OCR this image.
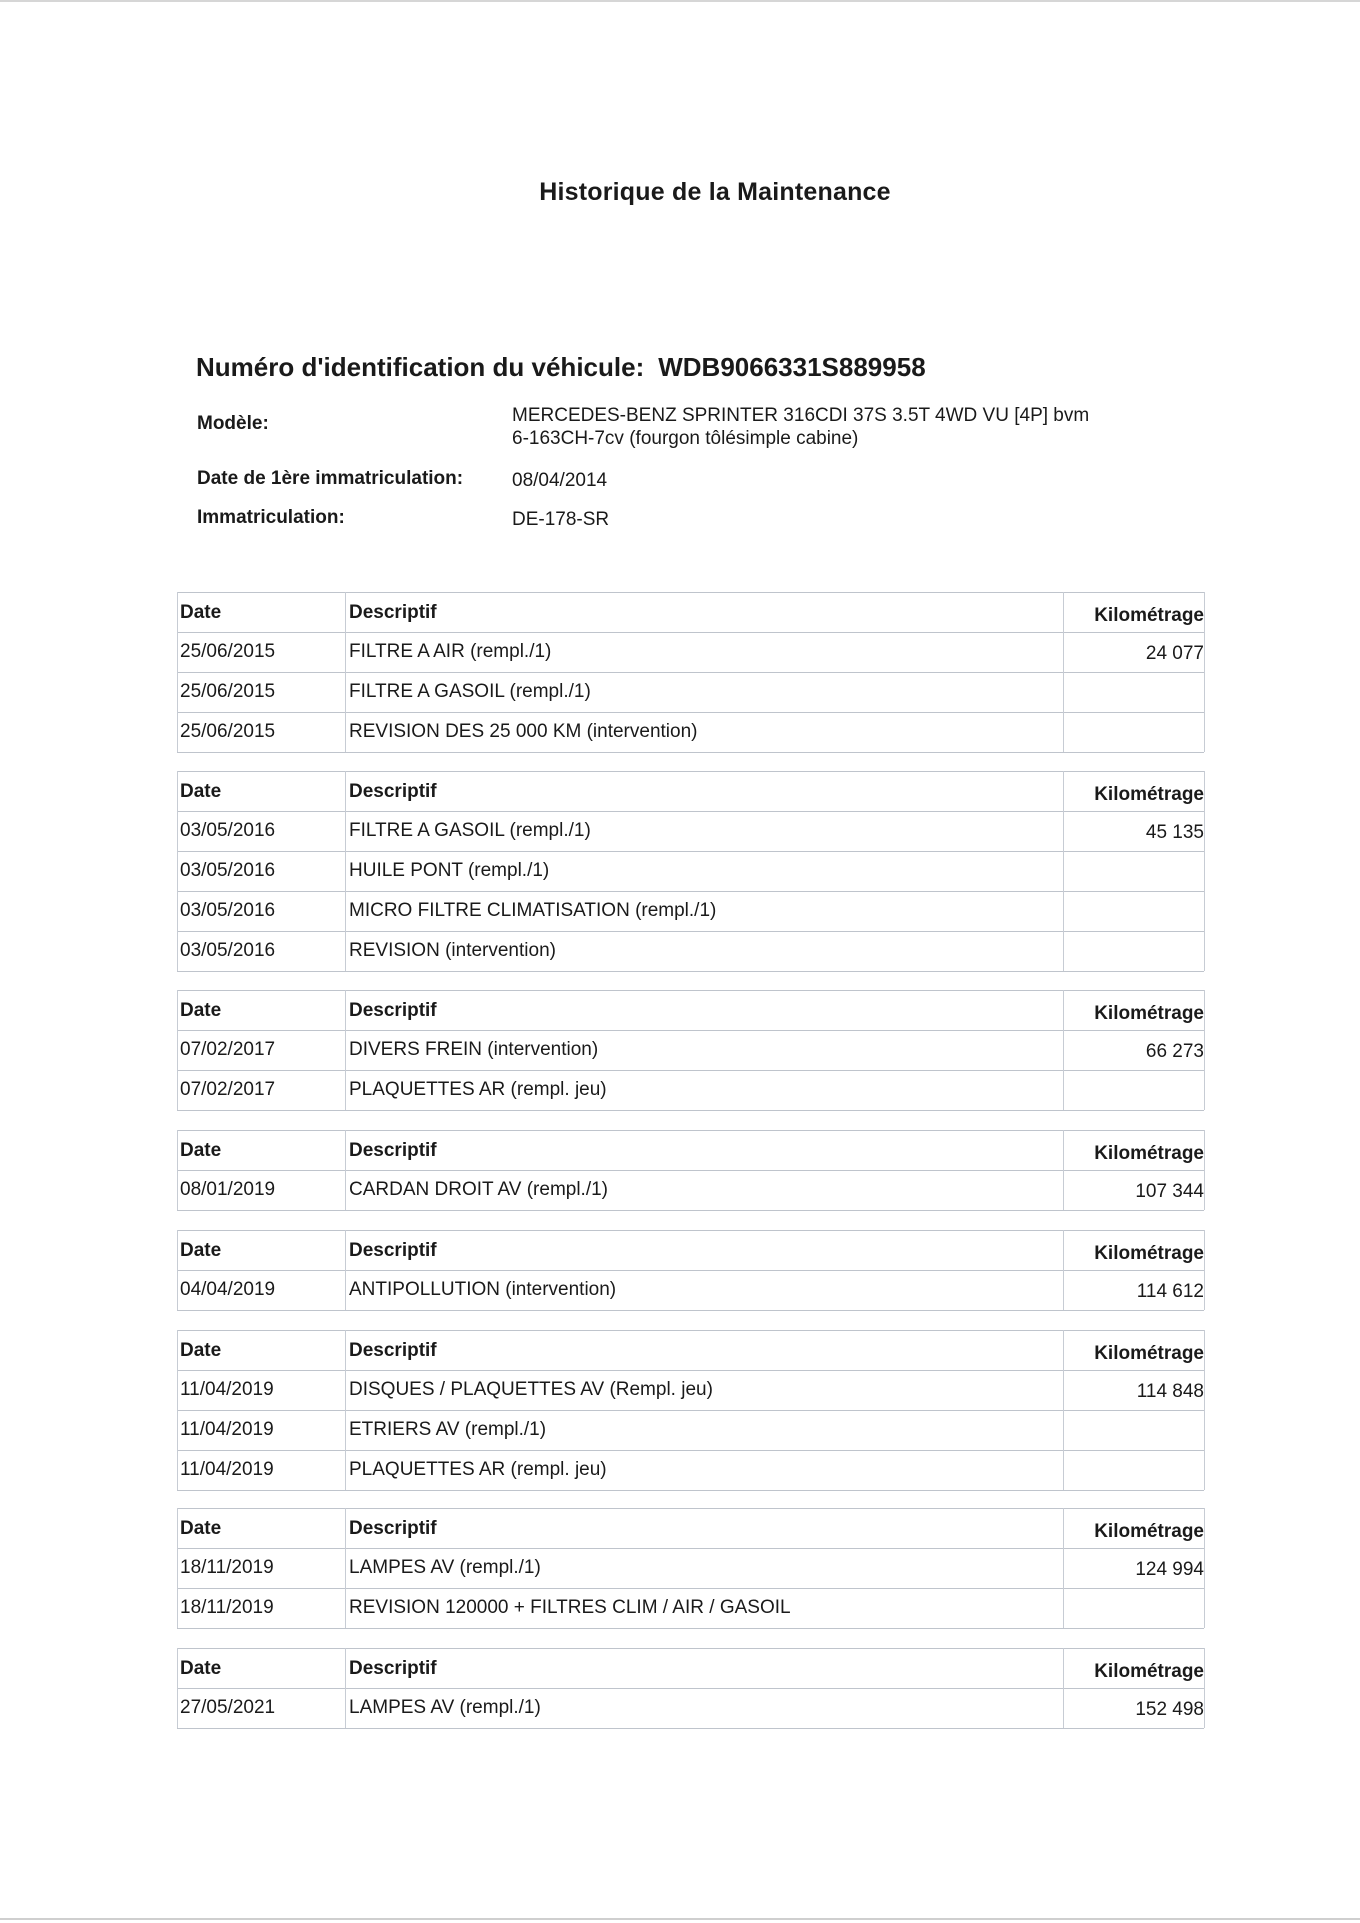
Historique de la Maintenance
Numéro d'identification du véhicule: WDB9066331S889958
Modèle:	MERCEDES-BENZ SPRINTER 316CDI 37S 3.5T 4WD VU [4P] bvm
6-163CH-7cv (fourgon tôlésimple cabine)
Date de 1ère immatriculation:	08/04/2014
Immatriculation:	DE-178-SR
Date	Descriptif	Kilométrage
25/06/2015	FILTRE A AIR (rempl./1)	24 077
25/06/2015	FILTRE A GASOIL (rempl./1)
25/06/2015	REVISION DES 25 000 KM (intervention)
Date	Descriptif	Kilométrage
03/05/2016	FILTRE A GASOIL (rempl./1)	45 135
03/05/2016	HUILE PONT (rempl./1)
03/05/2016	MICRO FILTRE CLIMATISATION (rempl./1)
03/05/2016	REVISION (intervention)
Date	Descriptif	Kilométrage
07/02/2017	DIVERS FREIN (intervention)	66 273
07/02/2017	PLAQUETTES AR (rempl. jeu)
Date	Descriptif	Kilométrage
08/01/2019	CARDAN DROIT AV (rempl./1)	107 344
Date	Descriptif	Kilométrage
04/04/2019	ANTIPOLLUTION (intervention)	114 612
Date	Descriptif	Kilométrage
11/04/2019	DISQUES / PLAQUETTES AV (Rempl. jeu)	114 848
11/04/2019	ETRIERS AV (rempl./1)
11/04/2019	PLAQUETTES AR (rempl. jeu)
Date	Descriptif	Kilométrage
18/11/2019	LAMPES AV (rempl./1)	124 994
18/11/2019	REVISION 120000 + FILTRES CLIM / AIR / GASOIL
Date	Descriptif	Kilométrage
27/05/2021	LAMPES AV (rempl./1)	152 498
